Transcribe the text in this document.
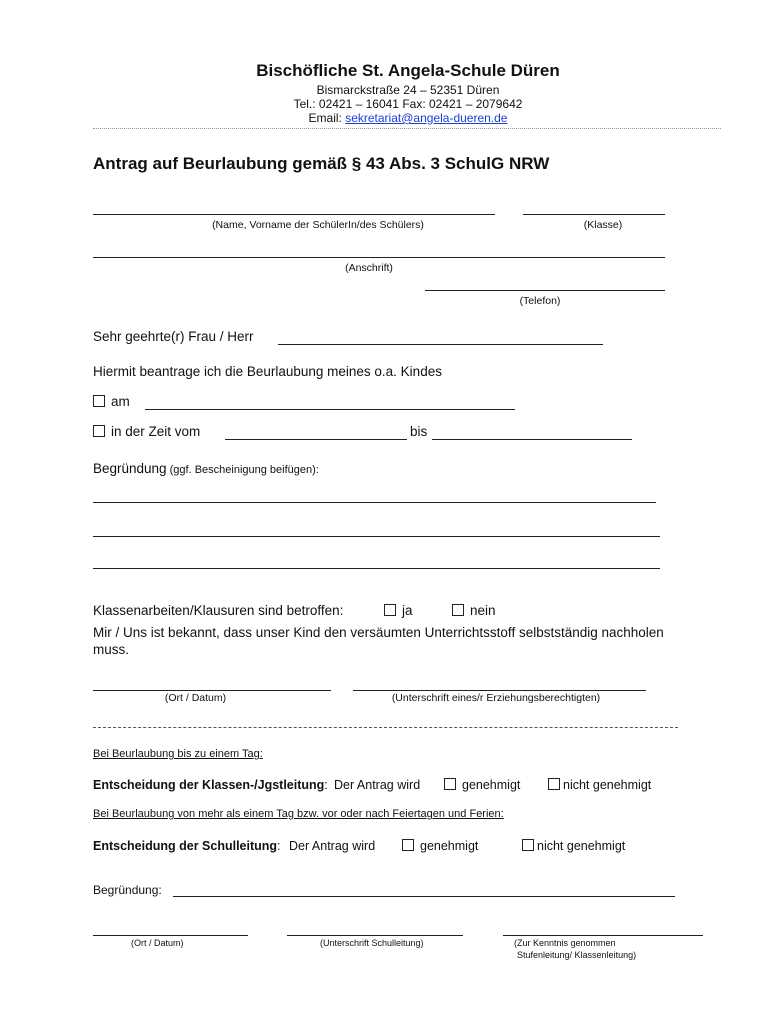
Bischöfliche St. Angela-Schule Düren
Bismarckstraße 24 – 52351 Düren
Tel.: 02421 – 16041 Fax: 02421 – 2079642
Email: sekretariat@angela-dueren.de
Antrag auf Beurlaubung gemäß § 43 Abs. 3 SchulG NRW
(Name, Vorname der SchülerIn/des Schülers)	(Klasse)
(Anschrift)
(Telefon)
Sehr geehrte(r) Frau / Herr
Hiermit beantrage ich die Beurlaubung meines o.a. Kindes
am
in der Zeit vom	bis
Begründung (ggf. Bescheinigung beifügen):
Klassenarbeiten/Klausuren sind betroffen:	ja	nein
Mir / Uns ist bekannt, dass unser Kind den versäumten Unterrichtsstoff selbstständig nachholen
muss.
(Ort / Datum)	(Unterschrift eines/r Erziehungsberechtigten)
Bei Beurlaubung bis zu einem Tag:
Entscheidung der Klassen-/Jgstleitung: Der Antrag wird	genehmigt	nicht genehmigt
Bei Beurlaubung von mehr als einem Tag bzw. vor oder nach Feiertagen und Ferien:
Entscheidung der Schulleitung: Der Antrag wird	genehmigt	nicht genehmigt
Begründung:
(Ort / Datum)	(Unterschrift Schulleitung)	(Zur Kenntnis genommen
Stufenleitung/ Klassenleitung)
